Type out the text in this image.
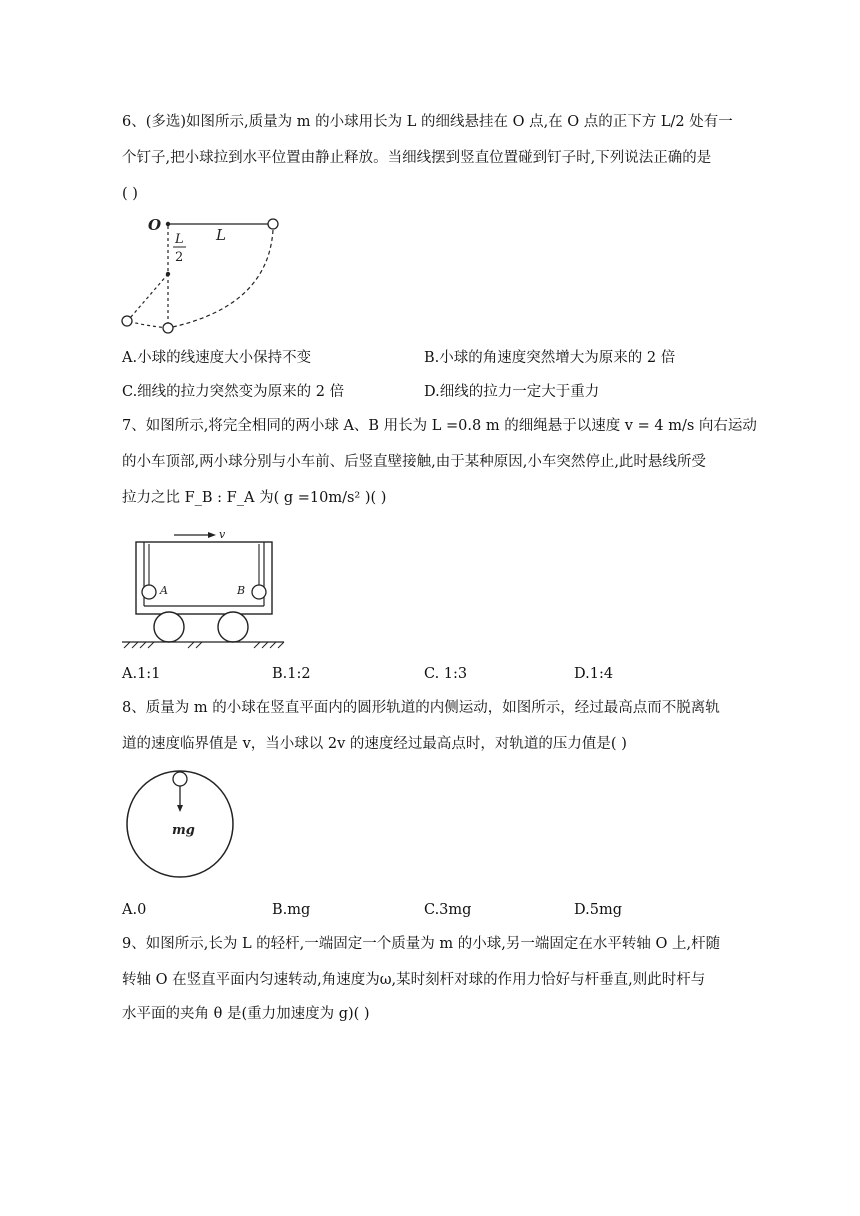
6、(多选)如图所示,质量为 m 的小球用长为 L 的细线悬挂在 O 点,在 O 点的正下方 L/2 处有一
个钉子,把小球拉到水平位置由静止释放。当细线摆到竖直位置碰到钉子时,下列说法正确的是
( )
O
L
L
2
A.小球的线速度大小保持不变	B.小球的角速度突然增大为原来的 2 倍
C.细线的拉力突然变为原来的 2 倍	D.细线的拉力一定大于重力
7、如图所示,将完全相同的两小球 A、B 用长为 L =0.8 m 的细绳悬于以速度 v = 4 m/s 向右运动
的小车顶部,两小球分别与小车前、后竖直壁接触,由于某种原因,小车突然停止,此时悬线所受
拉力之比 F_B : F_A 为( g =10m/s² )( )
v
A	B
A.1:1	B.1:2	C. 1:3	D.1:4
8、质量为 m 的小球在竖直平面内的圆形轨道的内侧运动，如图所示，经过最高点而不脱离轨
道的速度临界值是 v，当小球以 2v 的速度经过最高点时，对轨道的压力值是( )
mg
A.0	B.mg	C.3mg	D.5mg
9、如图所示,长为 L 的轻杆,一端固定一个质量为 m 的小球,另一端固定在水平转轴 O 上,杆随
转轴 O 在竖直平面内匀速转动,角速度为ω,某时刻杆对球的作用力恰好与杆垂直,则此时杆与
水平面的夹角 θ 是(重力加速度为 g)( )
